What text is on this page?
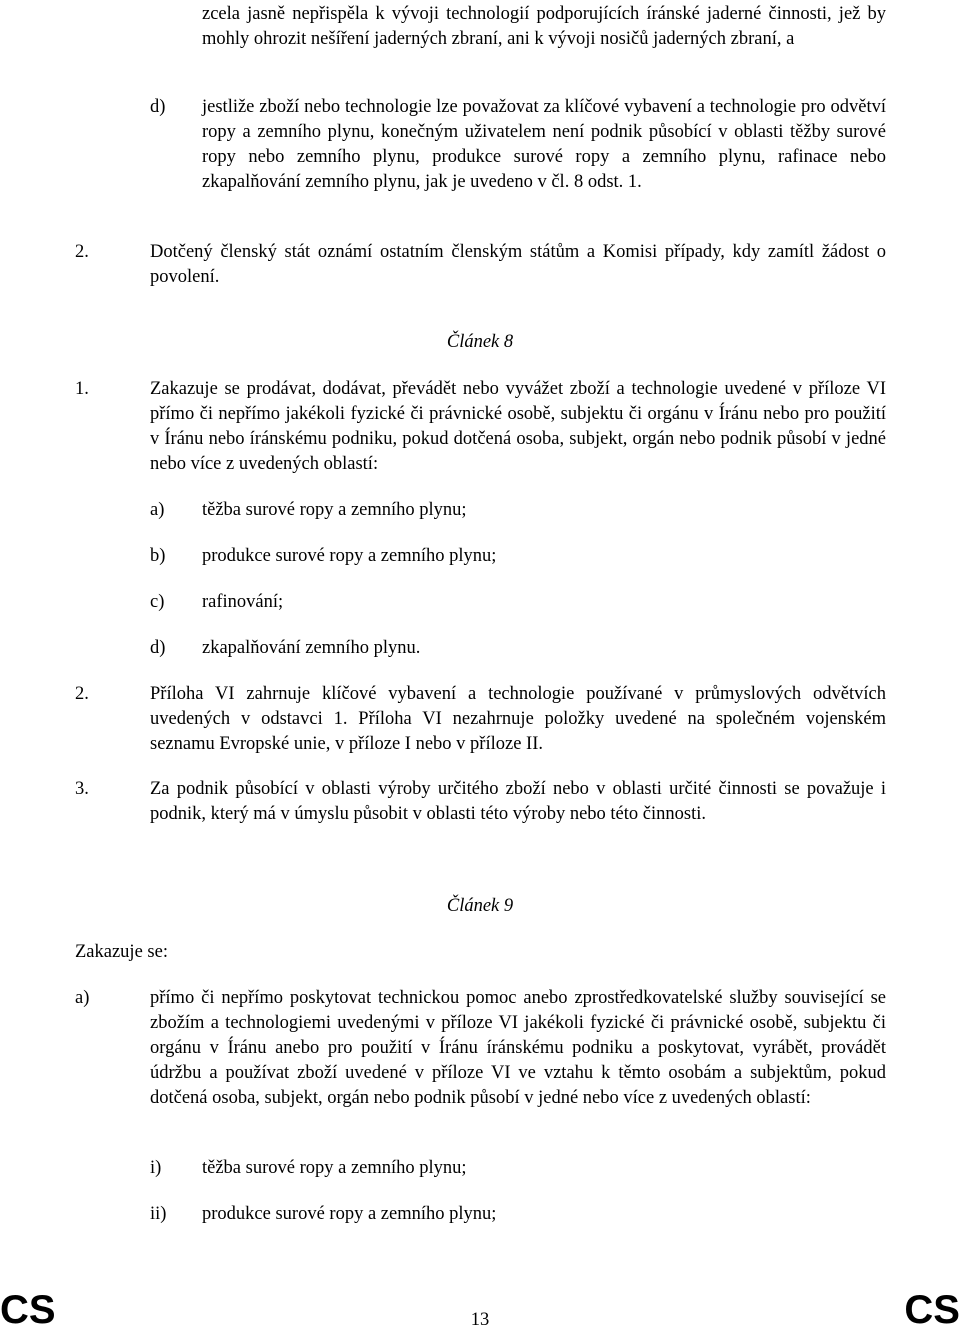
zcela jasně nepřispěla k vývoji technologií podporujících íránské jaderné činnosti, jež by mohly ohrozit nešíření jaderných zbraní, ani k vývoji nosičů jaderných zbraní, a
d) jestliže zboží nebo technologie lze považovat za klíčové vybavení a technologie pro odvětví ropy a zemního plynu, konečným uživatelem není podnik působící v oblasti těžby surové ropy nebo zemního plynu, produkce surové ropy a zemního plynu, rafinace nebo zkapalňování zemního plynu, jak je uvedeno v čl. 8 odst. 1.
2.	Dotčený členský stát oznámí ostatním členským státům a Komisi případy, kdy zamítl žádost o povolení.
Článek 8
1.	Zakazuje se prodávat, dodávat, převádět nebo vyvážet zboží a technologie uvedené v příloze VI přímo či nepřímo jakékoli fyzické či právnické osobě, subjektu či orgánu v Íránu nebo pro použití v Íránu nebo íránskému podniku, pokud dotčená osoba, subjekt, orgán nebo podnik působí v jedné nebo více z uvedených oblastí:
a) těžba surové ropy a zemního plynu;
b) produkce surové ropy a zemního plynu;
c) rafinování;
d) zkapalňování zemního plynu.
2.	Příloha VI zahrnuje klíčové vybavení a technologie používané v průmyslových odvětvích uvedených v odstavci 1. Příloha VI nezahrnuje položky uvedené na společném vojenském seznamu Evropské unie, v příloze I nebo v příloze II.
3.	Za podnik působící v oblasti výroby určitého zboží nebo v oblasti určité činnosti se považuje i podnik, který má v úmyslu působit v oblasti této výroby nebo této činnosti.
Článek 9
Zakazuje se:
a)	přímo či nepřímo poskytovat technickou pomoc anebo zprostředkovatelské služby související se zbožím a technologiemi uvedenými v příloze VI jakékoli fyzické či právnické osobě, subjektu či orgánu v Íránu anebo pro použití v Íránu íránskému podniku a poskytovat, vyrábět, provádět údržbu a používat zboží uvedené v příloze VI ve vztahu k těmto osobám a subjektům, pokud dotčená osoba, subjekt, orgán nebo podnik působí v jedné nebo více z uvedených oblastí:
i) těžba surové ropy a zemního plynu;
ii) produkce surové ropy a zemního plynu;
CS	13	CS
